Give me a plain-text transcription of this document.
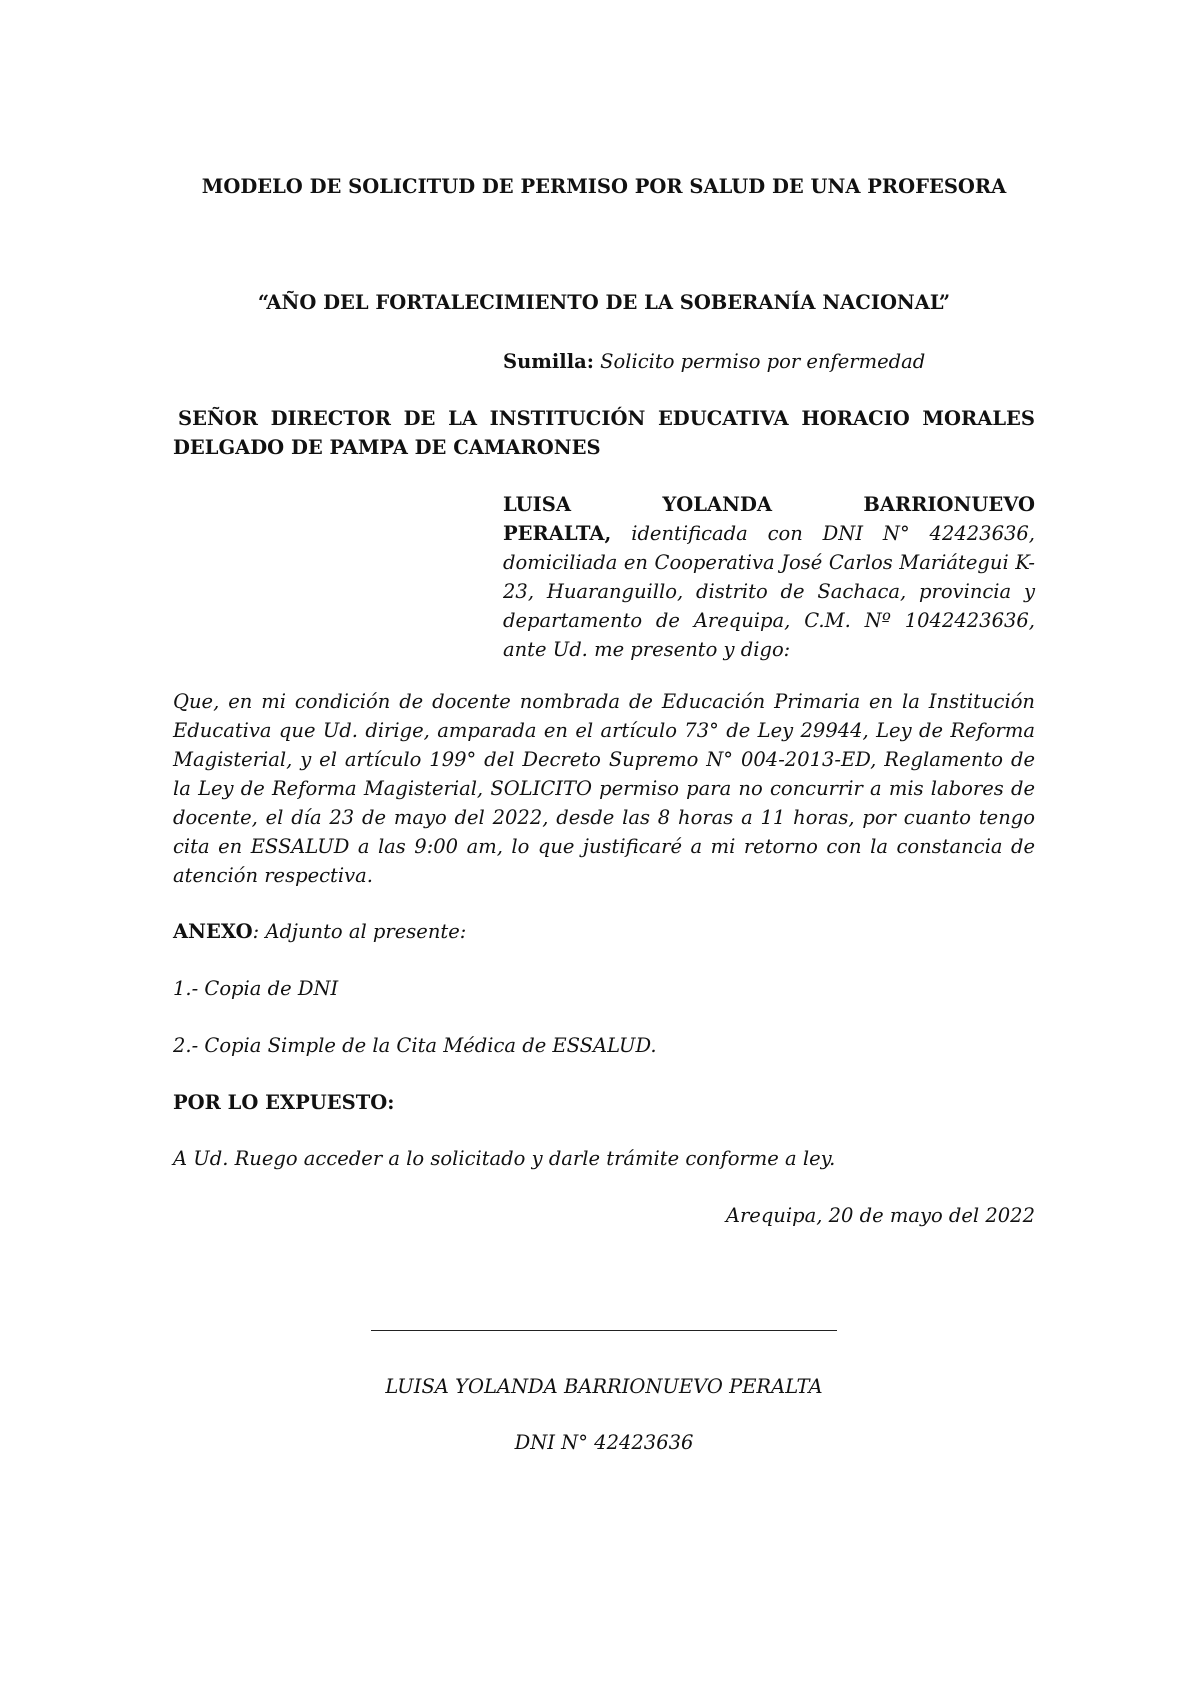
MODELO DE SOLICITUD DE PERMISO POR SALUD DE UNA PROFESORA
“AÑO DEL FORTALECIMIENTO DE LA SOBERANÍA NACIONAL”
Sumilla: Solicito permiso por enfermedad
SEÑOR DIRECTOR DE LA INSTITUCIÓN EDUCATIVA HORACIO MORALES
DELGADO DE PAMPA DE CAMARONES
LUISA YOLANDA BARRIONUEVO
PERALTA, identificada con DNI N° 42423636, domiciliada en Cooperativa José Carlos Mariátegui K-23, Huaranguillo, distrito de Sachaca, provincia y departamento de Arequipa, C.M. Nº 1042423636, ante Ud. me presento y digo:
Que, en mi condición de docente nombrada de Educación Primaria en la Institución Educativa que Ud. dirige, amparada en el artículo 73° de Ley 29944, Ley de Reforma Magisterial, y el artículo 199° del Decreto Supremo N° 004-2013-ED, Reglamento de la Ley de Reforma Magisterial, SOLICITO permiso para no concurrir a mis labores de docente, el día 23 de mayo del 2022, desde las 8 horas a 11 horas, por cuanto tengo cita en ESSALUD a las 9:00 am, lo que justificaré a mi retorno con la constancia de atención respectiva.
ANEXO: Adjunto al presente:
1.- Copia de DNI
2.- Copia Simple de la Cita Médica de ESSALUD.
POR LO EXPUESTO:
A Ud. Ruego acceder a lo solicitado y darle trámite conforme a ley.
Arequipa, 20 de mayo del 2022
LUISA YOLANDA BARRIONUEVO PERALTA
DNI N° 42423636
